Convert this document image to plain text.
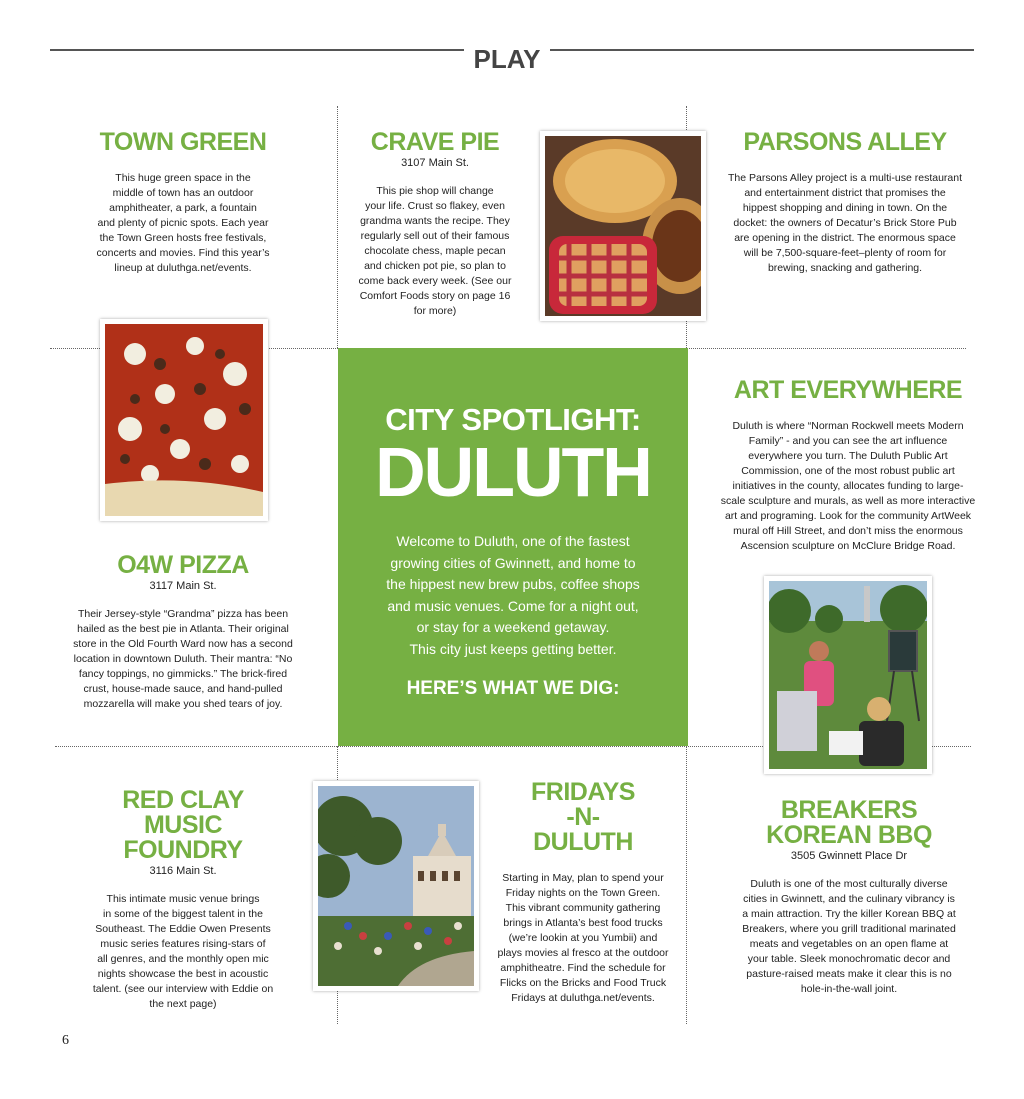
PLAY
TOWN GREEN
This huge green space in the
middle of town has an outdoor
amphitheater, a park, a fountain
and plenty of picnic spots. Each year
the Town Green hosts free festivals,
concerts and movies. Find this year’s
lineup at duluthga.net/events.
CRAVE PIE
3107 Main St.
This pie shop will change
your life. Crust so flakey, even
grandma wants the recipe. They
regularly sell out of their famous
chocolate chess, maple pecan
and chicken pot pie, so plan to
come back every week. (See our
Comfort Foods story on page 16
for more)
PARSONS ALLEY
The Parsons Alley project is a multi-use restaurant
and entertainment district that promises the
hippest shopping and dining in town. On the
docket: the owners of Decatur’s Brick Store Pub
are opening in the district. The enormous space
will be 7,500-square-feet–plenty of room for
brewing, snacking and gathering.
O4W PIZZA
3117 Main St.
Their Jersey-style “Grandma” pizza has been
hailed as the best pie in Atlanta. Their original
store in the Old Fourth Ward now has a second
location in downtown Duluth. Their mantra: “No
fancy toppings, no gimmicks.” The brick-fired
crust, house-made sauce, and hand-pulled
mozzarella will make you shed tears of joy.
CITY SPOTLIGHT:
DULUTH
Welcome to Duluth, one of the fastest
growing cities of Gwinnett, and home to
the hippest new brew pubs, coffee shops
and music venues. Come for a night out,
or stay for a weekend getaway.
This city just keeps getting better.
HERE’S WHAT WE DIG:
ART EVERYWHERE
Duluth is where “Norman Rockwell meets Modern
Family” - and you can see the art influence
everywhere you turn. The Duluth Public Art
Commission, one of the most robust public art
initiatives in the county, allocates funding to large-
scale sculpture and murals, as well as more interactive
art and programing. Look for the community ArtWeek
mural off Hill Street, and don’t miss the enormous
Ascension sculpture on McClure Bridge Road.
RED CLAY
MUSIC
FOUNDRY
3116 Main St.
This intimate music venue brings
in some of the biggest talent in the
Southeast. The Eddie Owen Presents
music series features rising-stars of
all genres, and the monthly open mic
nights showcase the best in acoustic
talent. (see our interview with Eddie on
the next page)
FRIDAYS
-N-
DULUTH
Starting in May, plan to spend your
Friday nights on the Town Green.
This vibrant community gathering
brings in Atlanta’s best food trucks
(we’re lookin at you Yumbii) and
plays movies al fresco at the outdoor
amphitheatre. Find the schedule for
Flicks on the Bricks and Food Truck
Fridays at duluthga.net/events.
BREAKERS
KOREAN BBQ
3505 Gwinnett Place Dr
Duluth is one of the most culturally diverse
cities in Gwinnett, and the culinary vibrancy is
a main attraction. Try the killer Korean BBQ at
Breakers, where you grill traditional marinated
meats and vegetables on an open flame at
your table. Sleek monochromatic decor and
pasture-raised meats make it clear this is no
hole-in-the-wall joint.
6
